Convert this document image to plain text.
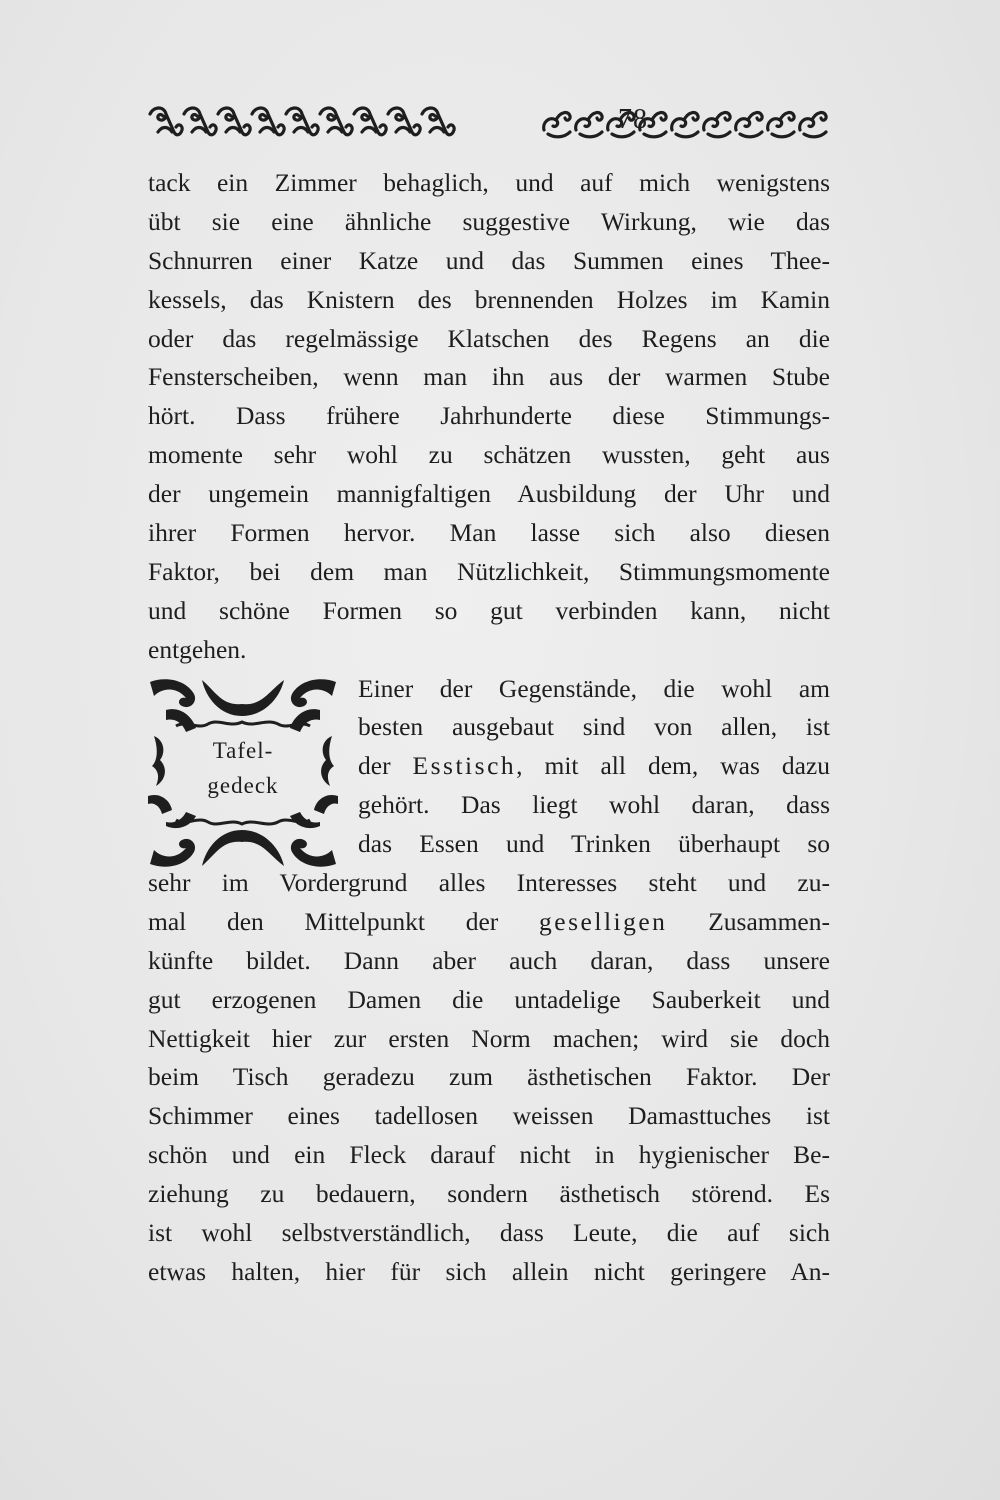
Tafel-
gedeck
tack ein Zimmer behaglich, und auf mich wenigstens
übt sie eine ähnliche suggestive Wirkung, wie das
Schnurren einer Katze und das Summen eines Thee-
kessels, das Knistern des brennenden Holzes im Kamin
oder das regelmässige Klatschen des Regens an die
Fensterscheiben, wenn man ihn aus der warmen Stube
hört. Dass frühere Jahrhunderte diese Stimmungs-
momente sehr wohl zu schätzen wussten, geht aus
der ungemein mannigfaltigen Ausbildung der Uhr und
ihrer Formen hervor. Man lasse sich also diesen
Faktor, bei dem man Nützlichkeit, Stimmungsmomente
und schöne Formen so gut verbinden kann, nicht
entgehen.
Einer der Gegenstände, die wohl am
besten ausgebaut sind von allen, ist
der Esstisch, mit all dem, was dazu
gehört. Das liegt wohl daran, dass
das Essen und Trinken überhaupt so
sehr im Vordergrund alles Interesses steht und zu-
mal den Mittelpunkt der geselligen Zusammen-
künfte bildet. Dann aber auch daran, dass unsere
gut erzogenen Damen die untadelige Sauberkeit und
Nettigkeit hier zur ersten Norm machen; wird sie doch
beim Tisch geradezu zum ästhetischen Faktor. Der
Schimmer eines tadellosen weissen Damasttuches ist
schön und ein Fleck darauf nicht in hygienischer Be-
ziehung zu bedauern, sondern ästhetisch störend. Es
ist wohl selbstverständlich, dass Leute, die auf sich
etwas halten, hier für sich allein nicht geringere An-
